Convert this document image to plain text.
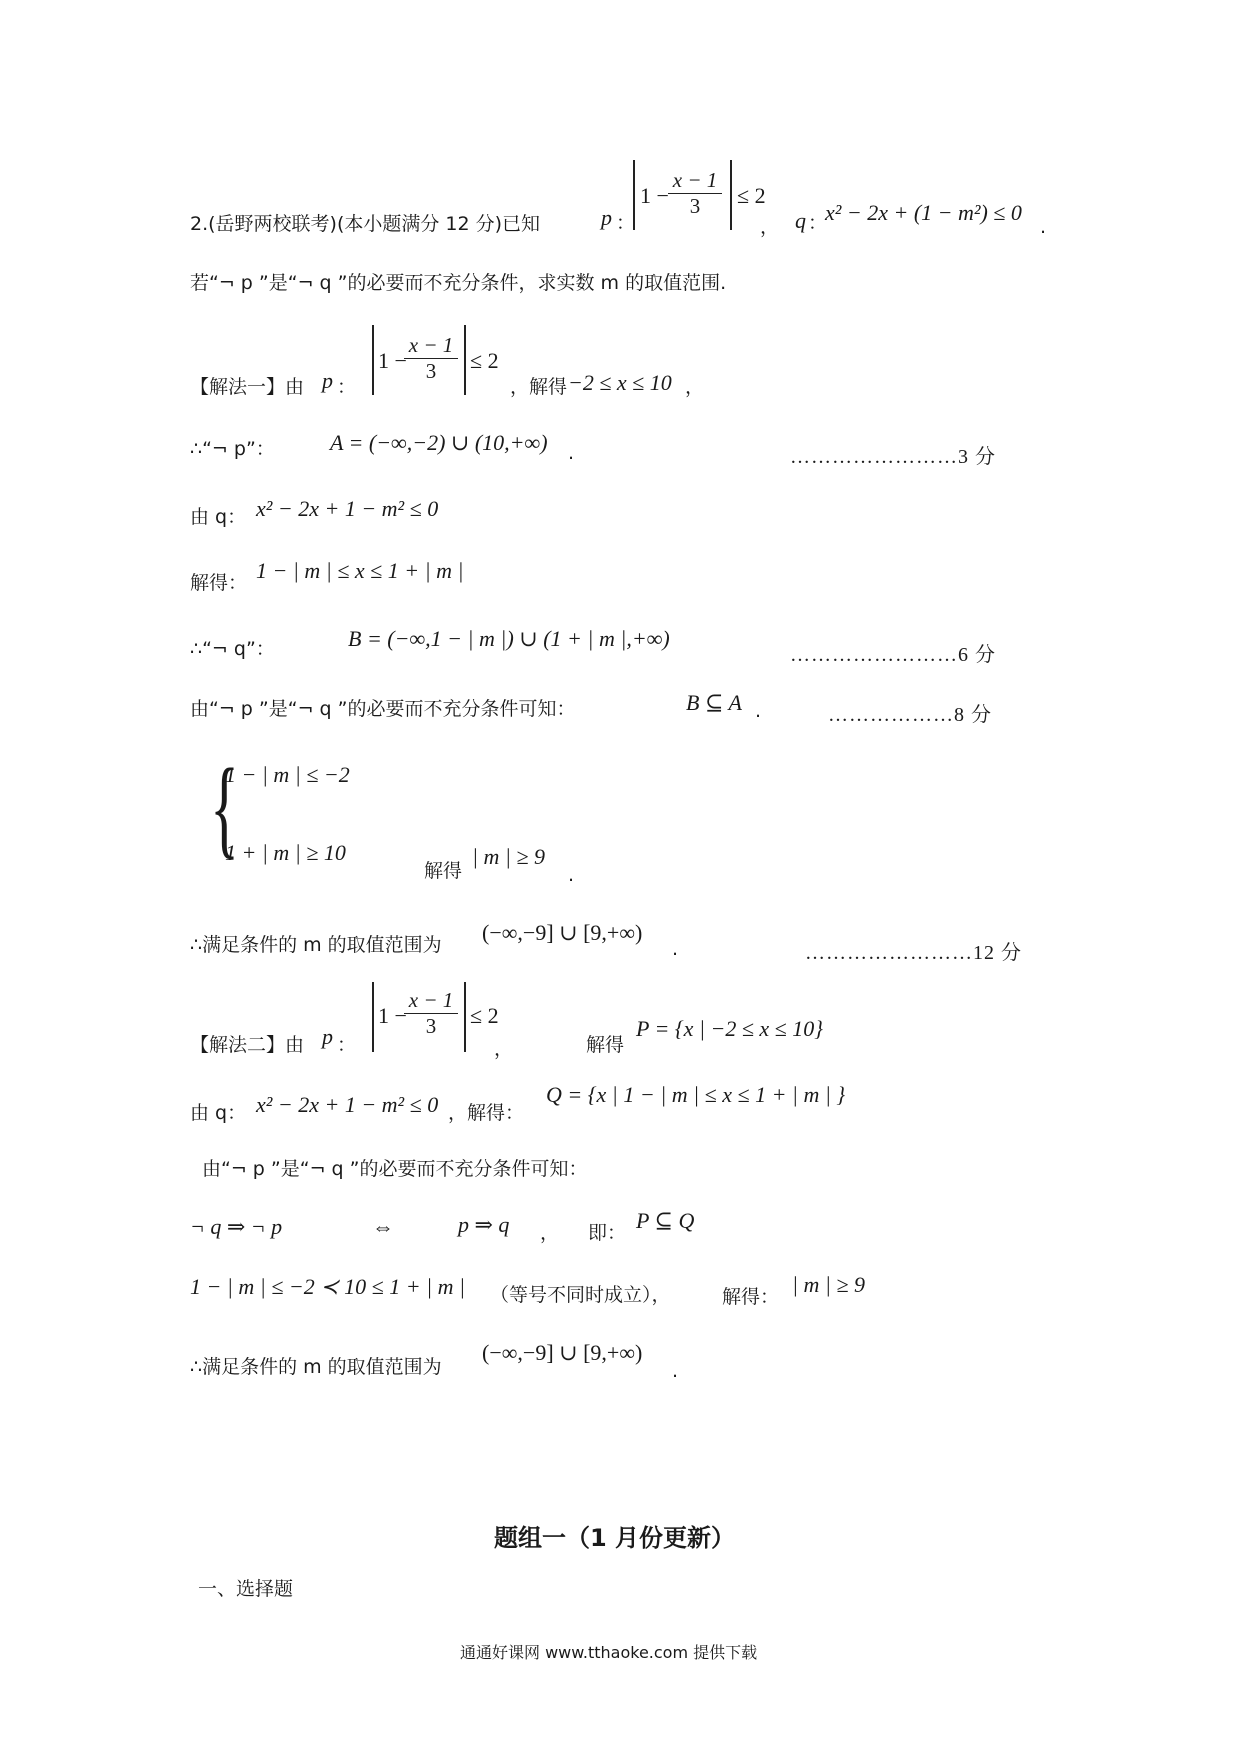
2.(岳野两校联考)(本小题满分 12 分)已知	p ：
$1 - \frac{x - 1}{3} \le 2$
， q ：
x² − 2x + (1 − m²) ≤ 0
.
若“¬ p ”是“¬ q ”的必要而不充分条件，求实数 m 的取值范围.
【解法一】由 p ：
1 −
$\frac{x - 1}{3} \le 2$
，解得 −2 ≤ x ≤ 10 ，
∴“¬ p”：	A = (−∞,−2) ∪ (10,+∞) .	……………………3 分
由 q： x² − 2x + 1 − m² ≤ 0
解得： 1 − | m | ≤ x ≤ 1 + | m |
∴“¬ q”：	B = (−∞,1 − | m |) ∪ (1 + | m |,+∞)
……………………6 分
由“¬ p ”是“¬ q ”的必要而不充分条件可知：	B ⊆ A .	………………8 分
{
1 − | m | ≤ −2
1 + | m | ≥ 10
解得
| m | ≥ 9
.
∴满足条件的 m 的取值范围为 (−∞,−9] ∪ [9,+∞)
.	……………………12 分
【解法二】由 p ：
1 −
$\frac{x - 1}{3} \le 2$
，	解得
P = {x | −2 ≤ x ≤ 10}
由 q： x² − 2x + 1 − m² ≤ 0 ，解得：
Q = {x | 1 − | m | ≤ x ≤ 1 + | m | }
由“¬ p ”是“¬ q ”的必要而不充分条件可知：
¬ q ⇒ ¬ p	⇔	p ⇒ q ， 即： P ⊆ Q
1 − | m | ≤ −2 ≺ 10 ≤ 1 + | m | （等号不同时成立），	解得： | m | ≥ 9
∴满足条件的 m 的取值范围为
(−∞,−9] ∪ [9,+∞)
.
题组一（1 月份更新）
一、选择题
通通好课网 www.tthaoke.com 提供下载
